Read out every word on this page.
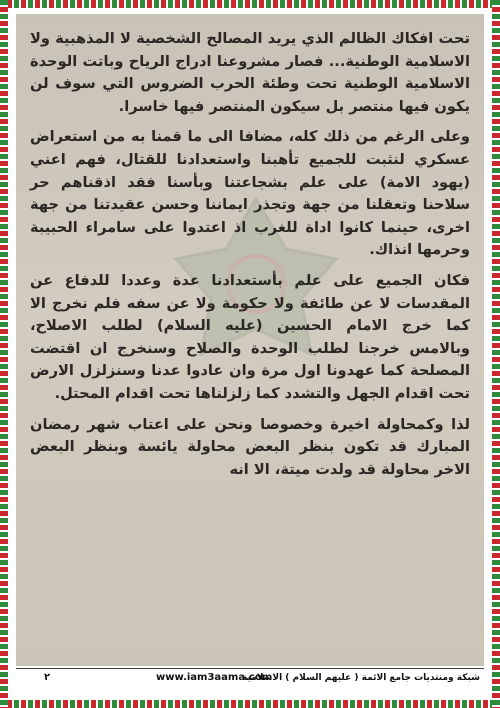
تحت افكاك الظالم الذي يريد المصالح الشخصية لا المذهبية ولا الاسلامية الوطنية... فصار مشروعنا ادراج الرياح وباتت الوحدة الاسلامية الوطنية تحت وطئة الحرب الضروس التي سوف لن يكون فيها منتصر بل سيكون المنتصر فيها خاسرا.

وعلى الرغم من ذلك كله، مضافا الى ما قمنا به من استعراض عسكري لنثبت للجميع تأهبنا واستعدادنا للقتال، فهم اعني (يهود الامة) على علم بشجاعتنا وبأسنا فقد اذقناهم حر سلاحنا وتعقلنا من جهة وتجذر ايماننا وحسن عقيدتنا من جهة اخرى، حينما كانوا اداة للغرب اذ اعتدوا على سامراء الحبيبة وحرمها انذاك.

فكان الجميع على علم بأستعدادنا عدة وعددا للدفاع عن المقدسات لا عن طائفة ولا حكومة ولا عن سفه فلم نخرج الا كما خرج الامام الحسين (عليه السلام) لطلب الاصلاح، وبالامس خرجنا لطلب الوحدة والصلاح وسنخرج ان اقتضت المصلحة كما عهدونا اول مرة وان عادوا عدنا وسنزلزل الارض تحت اقدام الجهل والتشدد كما زلزلناها تحت اقدام المحتل.

لذا وكمحاولة اخيرة وخصوصا ونحن على اعتاب شهر رمضان المبارك قد تكون بنظر البعض محاولة يائسة وبنظر البعض الاخر محاولة قد ولدت ميتة، الا انه

شبكة ومنتديات جامع الائمة ( عليهم السلام ) الاسلامية
www.iam3aama.com
٢
